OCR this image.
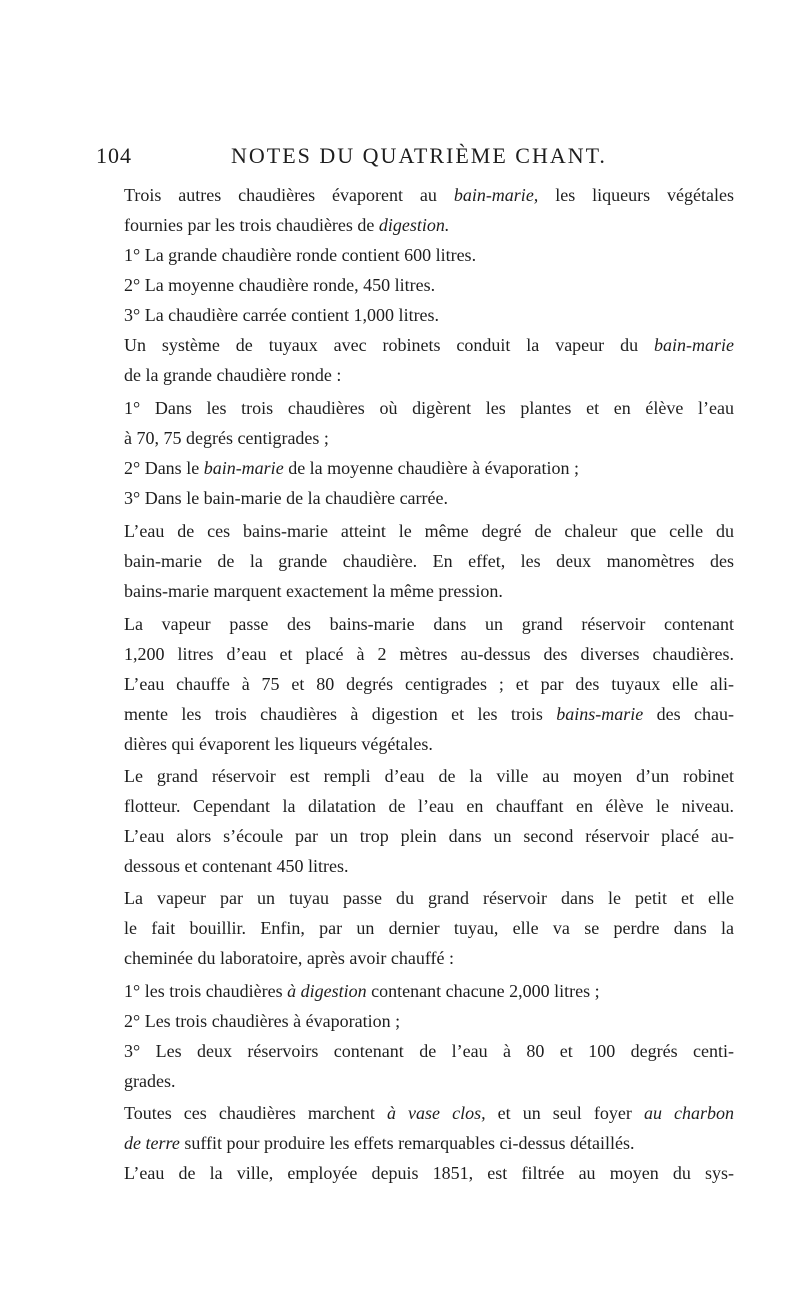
104	NOTES DU QUATRIÈME CHANT.
Trois autres chaudières évaporent au bain-marie, les liqueurs végétales
fournies par les trois chaudières de digestion.
1° La grande chaudière ronde contient 600 litres.
2° La moyenne chaudière ronde, 450 litres.
3° La chaudière carrée contient 1,000 litres.
Un système de tuyaux avec robinets conduit la vapeur du bain-marie
de la grande chaudière ronde :
1° Dans les trois chaudières où digèrent les plantes et en élève l’eau
à 70, 75 degrés centigrades ;
2° Dans le bain-marie de la moyenne chaudière à évaporation ;
3° Dans le bain-marie de la chaudière carrée.
L’eau de ces bains-marie atteint le même degré de chaleur que celle du
bain-marie de la grande chaudière. En effet, les deux manomètres des
bains-marie marquent exactement la même pression.
La vapeur passe des bains-marie dans un grand réservoir contenant
1,200 litres d’eau et placé à 2 mètres au-dessus des diverses chaudières.
L’eau chauffe à 75 et 80 degrés centigrades ; et par des tuyaux elle ali-
mente les trois chaudières à digestion et les trois bains-marie des chau-
dières qui évaporent les liqueurs végétales.
Le grand réservoir est rempli d’eau de la ville au moyen d’un robinet
flotteur. Cependant la dilatation de l’eau en chauffant en élève le niveau.
L’eau alors s’écoule par un trop plein dans un second réservoir placé au-
dessous et contenant 450 litres.
La vapeur par un tuyau passe du grand réservoir dans le petit et elle
le fait bouillir. Enfin, par un dernier tuyau, elle va se perdre dans la
cheminée du laboratoire, après avoir chauffé :
1° les trois chaudières à digestion contenant chacune 2,000 litres ;
2° Les trois chaudières à évaporation ;
3° Les deux réservoirs contenant de l’eau à 80 et 100 degrés centi-
grades.
Toutes ces chaudières marchent à vase clos, et un seul foyer au charbon
de terre suffit pour produire les effets remarquables ci-dessus détaillés.
L’eau de la ville, employée depuis 1851, est filtrée au moyen du sys-
